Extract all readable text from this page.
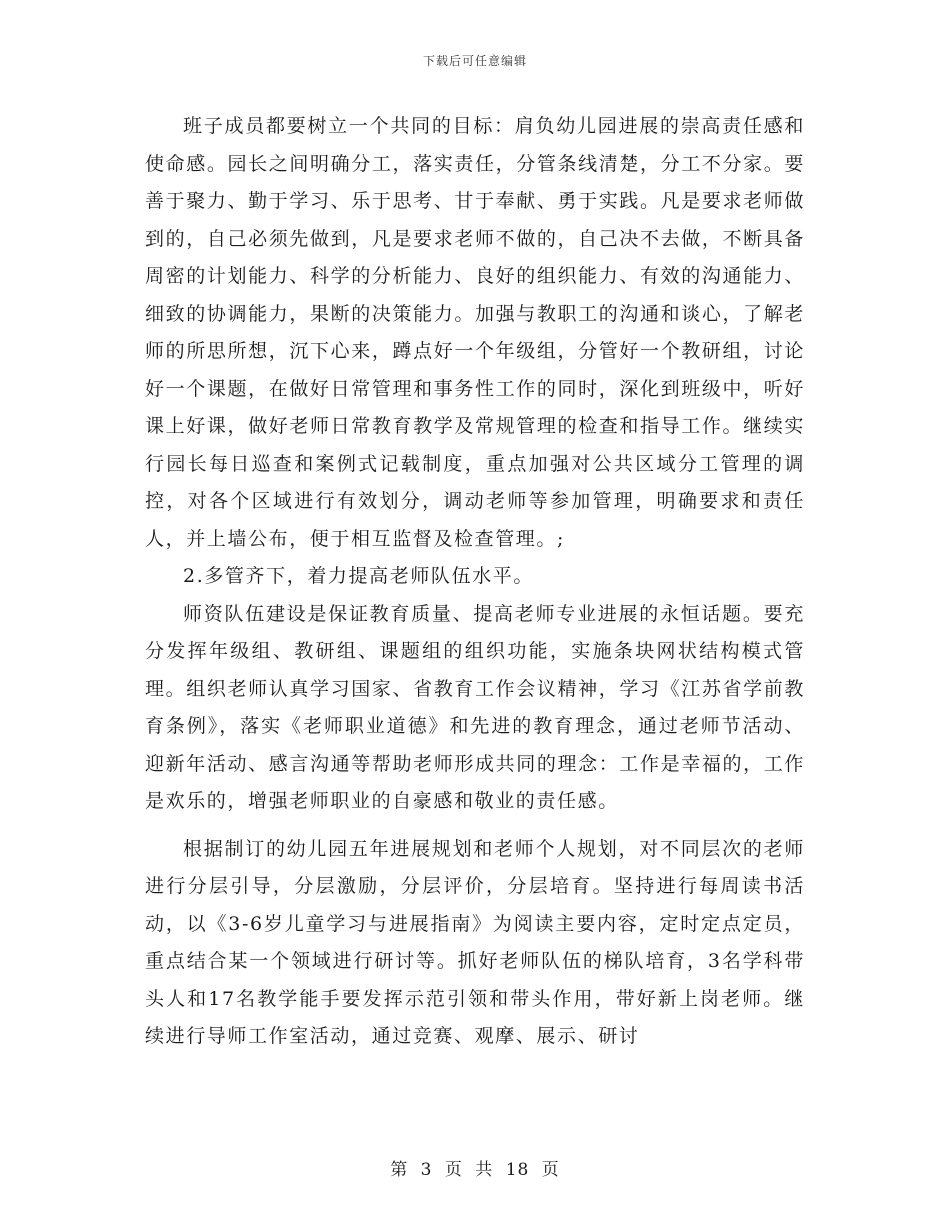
下载后可任意编辑

班子成员都要树立一个共同的目标：肩负幼儿园进展的崇高责任感和使命感。园长之间明确分工，落实责任，分管条线清楚，分工不分家。要善于聚力、勤于学习、乐于思考、甘于奉献、勇于实践。凡是要求老师做到的，自己必须先做到，凡是要求老师不做的，自己决不去做，不断具备周密的计划能力、科学的分析能力、良好的组织能力、有效的沟通能力、细致的协调能力，果断的决策能力。加强与教职工的沟通和谈心，了解老师的所思所想，沉下心来，蹲点好一个年级组，分管好一个教研组，讨论好一个课题，在做好日常管理和事务性工作的同时，深化到班级中，听好课上好课，做好老师日常教育教学及常规管理的检查和指导工作。继续实行园长每日巡查和案例式记载制度，重点加强对公共区域分工管理的调控，对各个区域进行有效划分，调动老师等参加管理，明确要求和责任人，并上墙公布，便于相互监督及检查管理。;

2.多管齐下，着力提高老师队伍水平。

师资队伍建设是保证教育质量、提高老师专业进展的永恒话题。要充分发挥年级组、教研组、课题组的组织功能，实施条块网状结构模式管理。组织老师认真学习国家、省教育工作会议精神，学习《江苏省学前教育条例》，落实《老师职业道德》和先进的教育理念，通过老师节活动、迎新年活动、感言沟通等帮助老师形成共同的理念：工作是幸福的，工作是欢乐的，增强老师职业的自豪感和敬业的责任感。

根据制订的幼儿园五年进展规划和老师个人规划，对不同层次的老师进行分层引导，分层激励，分层评价，分层培育。坚持进行每周读书活动，以《3-6岁儿童学习与进展指南》为阅读主要内容，定时定点定员，重点结合某一个领域进行研讨等。抓好老师队伍的梯队培育，3名学科带头人和17名教学能手要发挥示范引领和带头作用，带好新上岗老师。继续进行导师工作室活动，通过竞赛、观摩、展示、研讨

第 3 页 共 18 页
